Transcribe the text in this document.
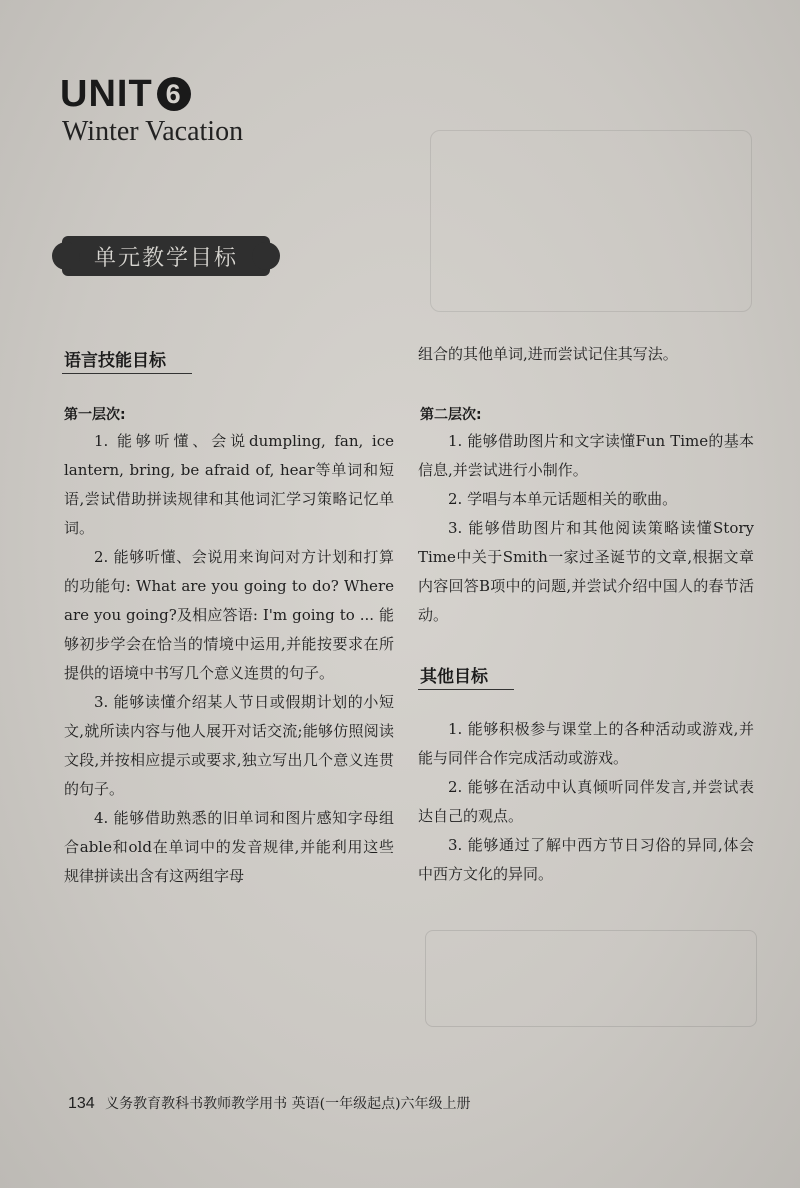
UNIT 6
Winter Vacation
单元教学目标
语言技能目标
第一层次:

1. 能够听懂、会说dumpling, fan, ice lantern, bring, be afraid of, hear等单词和短语,尝试借助拼读规律和其他词汇学习策略记忆单词。

2. 能够听懂、会说用来询问对方计划和打算的功能句: What are you going to do? Where are you going?及相应答语: I'm going to ... 能够初步学会在恰当的情境中运用,并能按要求在所提供的语境中书写几个意义连贯的句子。

3. 能够读懂介绍某人节日或假期计划的小短文,就所读内容与他人展开对话交流;能够仿照阅读文段,并按相应提示或要求,独立写出几个意义连贯的句子。

4. 能够借助熟悉的旧单词和图片感知字母组合able和old在单词中的发音规律,并能利用这些规律拼读出含有这两组字母

组合的其他单词,进而尝试记住其写法。

第二层次:

1. 能够借助图片和文字读懂Fun Time的基本信息,并尝试进行小制作。

2. 学唱与本单元话题相关的歌曲。

3. 能够借助图片和其他阅读策略读懂Story Time中关于Smith一家过圣诞节的文章,根据文章内容回答B项中的问题,并尝试介绍中国人的春节活动。

其他目标

1. 能够积极参与课堂上的各种活动或游戏,并能与同伴合作完成活动或游戏。

2. 能够在活动中认真倾听同伴发言,并尝试表达自己的观点。

3. 能够通过了解中西方节日习俗的异同,体会中西方文化的异同。

134 义务教育教科书教师教学用书 英语(一年级起点)六年级上册
